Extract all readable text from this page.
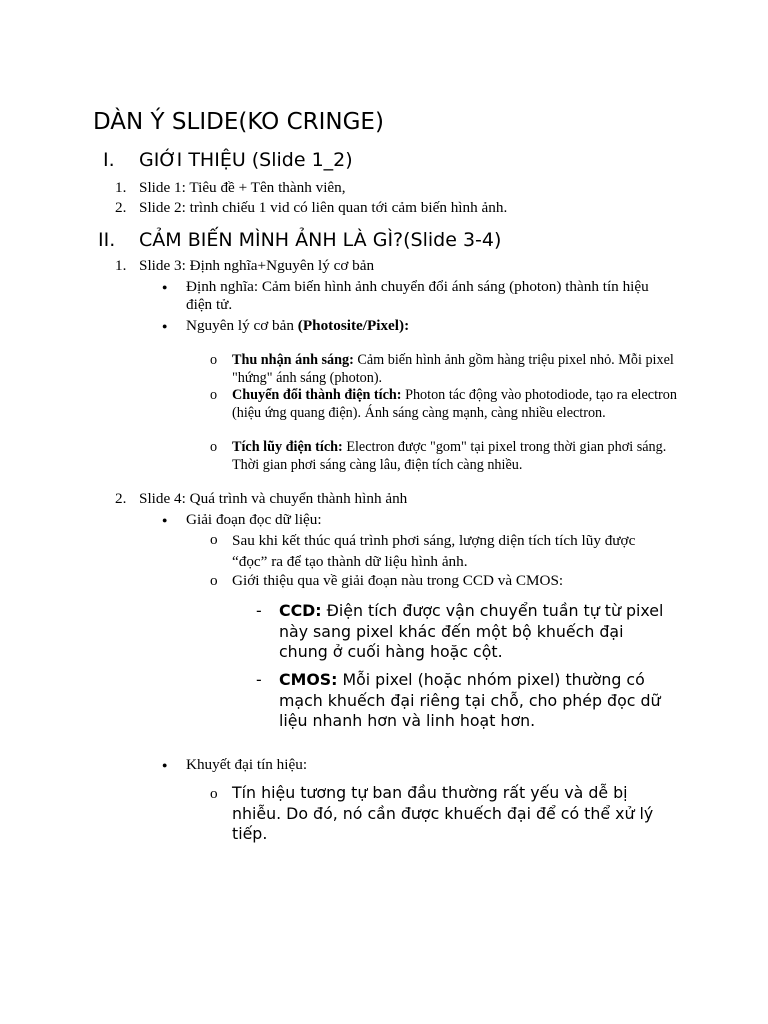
DÀN Ý SLIDE(KO CRINGE)
I. GIỚI THIỆU (Slide 1_2)
1. Slide 1: Tiêu đề + Tên thành viên,
2. Slide 2: trình chiếu 1 vid có liên quan tới cảm biến hình ảnh.
II. CẢM BIẾN MÌNH ẢNH LÀ GÌ?(Slide 3-4)
1. Slide 3: Định nghĩa+Nguyên lý cơ bản
● Định nghĩa: Cảm biến hình ảnh chuyển đổi ánh sáng (photon) thành tín hiệu điện tử.
● Nguyên lý cơ bản (Photosite/Pixel):
o Thu nhận ánh sáng: Cảm biến hình ảnh gồm hàng triệu pixel nhỏ. Mỗi pixel "hứng" ánh sáng (photon).
o Chuyển đổi thành điện tích: Photon tác động vào photodiode, tạo ra electron (hiệu ứng quang điện). Ánh sáng càng mạnh, càng nhiều electron.
o Tích lũy điện tích: Electron được "gom" tại pixel trong thời gian phơi sáng. Thời gian phơi sáng càng lâu, điện tích càng nhiều.
2. Slide 4: Quá trình và chuyển thành hình ảnh
● Giải đoạn đọc dữ liệu:
o Sau khi kết thúc quá trình phơi sáng, lượng diện tích tích lũy được “đọc” ra để tạo thành dữ liệu hình ảnh.
o Giới thiệu qua về giải đoạn nàu trong CCD và CMOS:
- CCD: Điện tích được vận chuyển tuần tự từ pixel này sang pixel khác đến một bộ khuếch đại chung ở cuối hàng hoặc cột.
- CMOS: Mỗi pixel (hoặc nhóm pixel) thường có mạch khuếch đại riêng tại chỗ, cho phép đọc dữ liệu nhanh hơn và linh hoạt hơn.
● Khuyết đại tín hiệu:
o Tín hiệu tương tự ban đầu thường rất yếu và dễ bị nhiễu. Do đó, nó cần được khuếch đại để có thể xử lý tiếp.
